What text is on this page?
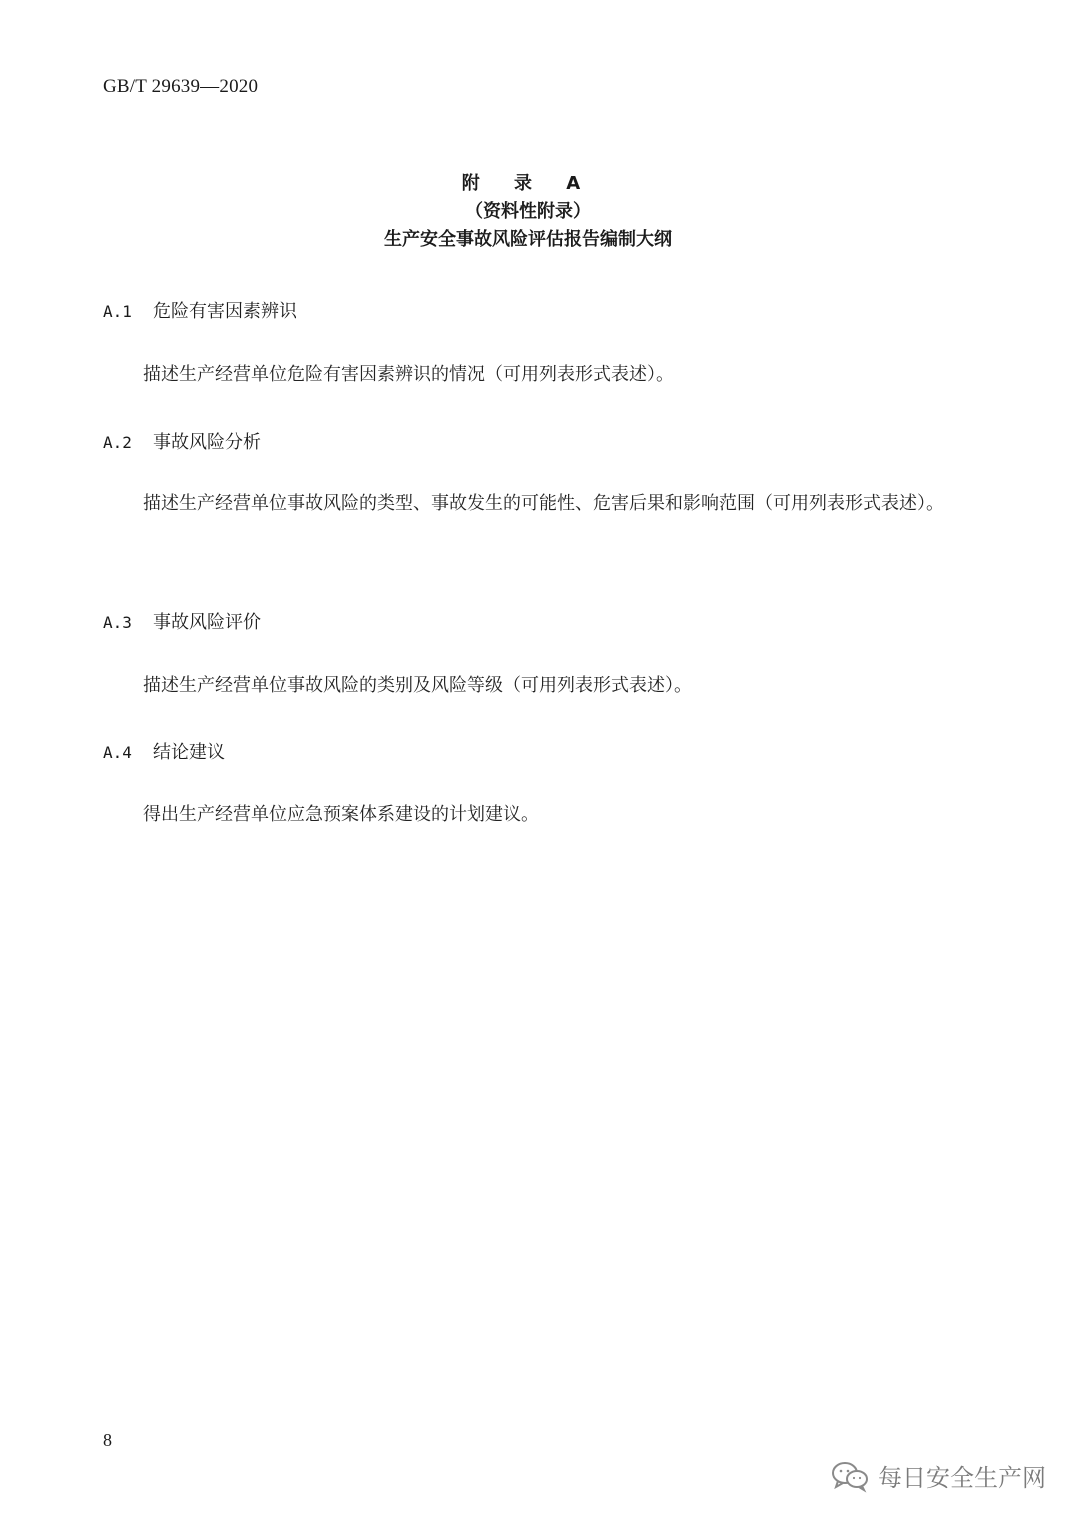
GB/T 29639—2020
附 录 A
（资料性附录）
生产安全事故风险评估报告编制大纲
A.1 危险有害因素辨识
描述生产经营单位危险有害因素辨识的情况（可用列表形式表述）。
A.2 事故风险分析
描述生产经营单位事故风险的类型、事故发生的可能性、危害后果和影响范围（可用列表形式表述）。
A.3 事故风险评价
描述生产经营单位事故风险的类别及风险等级（可用列表形式表述）。
A.4 结论建议
得出生产经营单位应急预案体系建设的计划建议。
8
每日安全生产网
